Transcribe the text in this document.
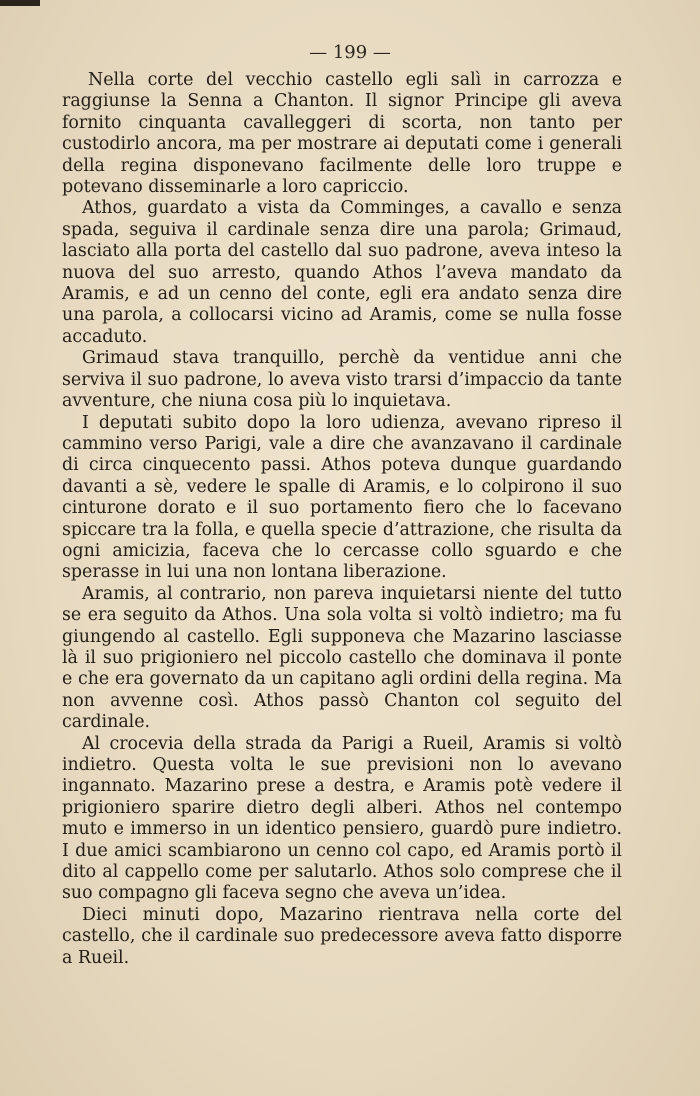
— 199 —

Nella corte del vecchio castello egli salì in carrozza e raggiunse la Senna a Chanton. Il signor Principe gli aveva fornito cinquanta cavalleggeri di scorta, non tanto per custodirlo ancora, ma per mostrare ai deputati come i generali della regina disponevano facilmente delle loro truppe e potevano disseminarle a loro capriccio.

Athos, guardato a vista da Comminges, a cavallo e senza spada, seguiva il cardinale senza dire una parola; Grimaud, lasciato alla porta del castello dal suo padrone, aveva inteso la nuova del suo arresto, quando Athos l’aveva mandato da Aramis, e ad un cenno del conte, egli era andato senza dire una parola, a collocarsi vicino ad Aramis, come se nulla fosse accaduto.

Grimaud stava tranquillo, perchè da ventidue anni che serviva il suo padrone, lo aveva visto trarsi d’impaccio da tante avventure, che niuna cosa più lo inquietava.

I deputati subito dopo la loro udienza, avevano ripreso il cammino verso Parigi, vale a dire che avanzavano il cardinale di circa cinquecento passi. Athos poteva dunque guardando davanti a sè, vedere le spalle di Aramis, e lo colpirono il suo cinturone dorato e il suo portamento fiero che lo facevano spiccare tra la folla, e quella specie d’attrazione, che risulta da ogni amicizia, faceva che lo cercasse collo sguardo e che sperasse in lui una non lontana liberazione.

Aramis, al contrario, non pareva inquietarsi niente del tutto se era seguito da Athos. Una sola volta si voltò indietro; ma fu giungendo al castello. Egli supponeva che Mazarino lasciasse là il suo prigioniero nel piccolo castello che dominava il ponte e che era governato da un capitano agli ordini della regina. Ma non avvenne così. Athos passò Chanton col seguito del cardinale.

Al crocevia della strada da Parigi a Rueil, Aramis si voltò indietro. Questa volta le sue previsioni non lo avevano ingannato. Mazarino prese a destra, e Aramis potè vedere il prigioniero sparire dietro degli alberi. Athos nel contempo muto e immerso in un identico pensiero, guardò pure indietro. I due amici scambiarono un cenno col capo, ed Aramis portò il dito al cappello come per salutarlo. Athos solo comprese che il suo compagno gli faceva segno che aveva un’idea.

Dieci minuti dopo, Mazarino rientrava nella corte del castello, che il cardinale suo predecessore aveva fatto disporre a Rueil.
